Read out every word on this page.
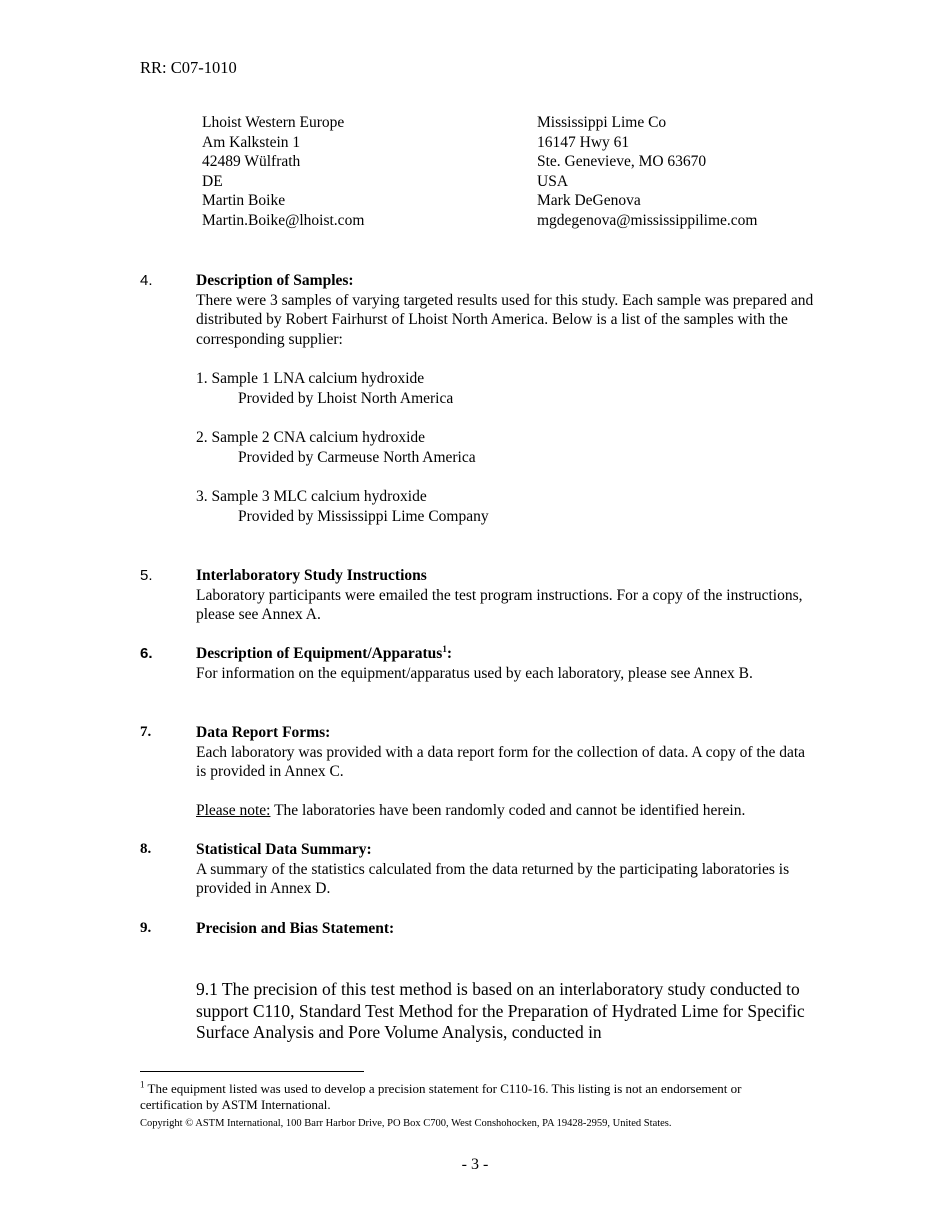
RR: C07-1010
Lhoist Western Europe
Am Kalkstein 1
42489 Wülfrath
DE
Martin Boike
Martin.Boike@lhoist.com
Mississippi Lime Co
16147 Hwy 61
Ste. Genevieve, MO 63670
USA
Mark DeGenova
mgdegenova@mississippilime.com
4.	Description of Samples:
There were 3 samples of varying targeted results used for this study. Each sample was prepared and distributed by Robert Fairhurst of Lhoist North America. Below is a list of the samples with the corresponding supplier:
1. Sample 1 LNA calcium hydroxide
Provided by Lhoist North America
2. Sample 2 CNA calcium hydroxide
Provided by Carmeuse North America
3. Sample 3 MLC calcium hydroxide
Provided by Mississippi Lime Company
5.	Interlaboratory Study Instructions
Laboratory participants were emailed the test program instructions. For a copy of the instructions, please see Annex A.
6.	Description of Equipment/Apparatus$^1$:
For information on the equipment/apparatus used by each laboratory, please see Annex B.
7.	Data Report Forms:
Each laboratory was provided with a data report form for the collection of data. A copy of the data is provided in Annex C.
Please note: The laboratories have been randomly coded and cannot be identified herein.
8.	Statistical Data Summary:
A summary of the statistics calculated from the data returned by the participating laboratories is provided in Annex D.
9.	Precision and Bias Statement:
9.1 The precision of this test method is based on an interlaboratory study conducted to support C110, Standard Test Method for the Preparation of Hydrated Lime for Specific Surface Analysis and Pore Volume Analysis, conducted in
$^1$ The equipment listed was used to develop a precision statement for C110-16. This listing is not an endorsement or certification by ASTM International.
Copyright © ASTM International, 100 Barr Harbor Drive, PO Box C700, West Conshohocken, PA 19428-2959, United States.
- 3 -
